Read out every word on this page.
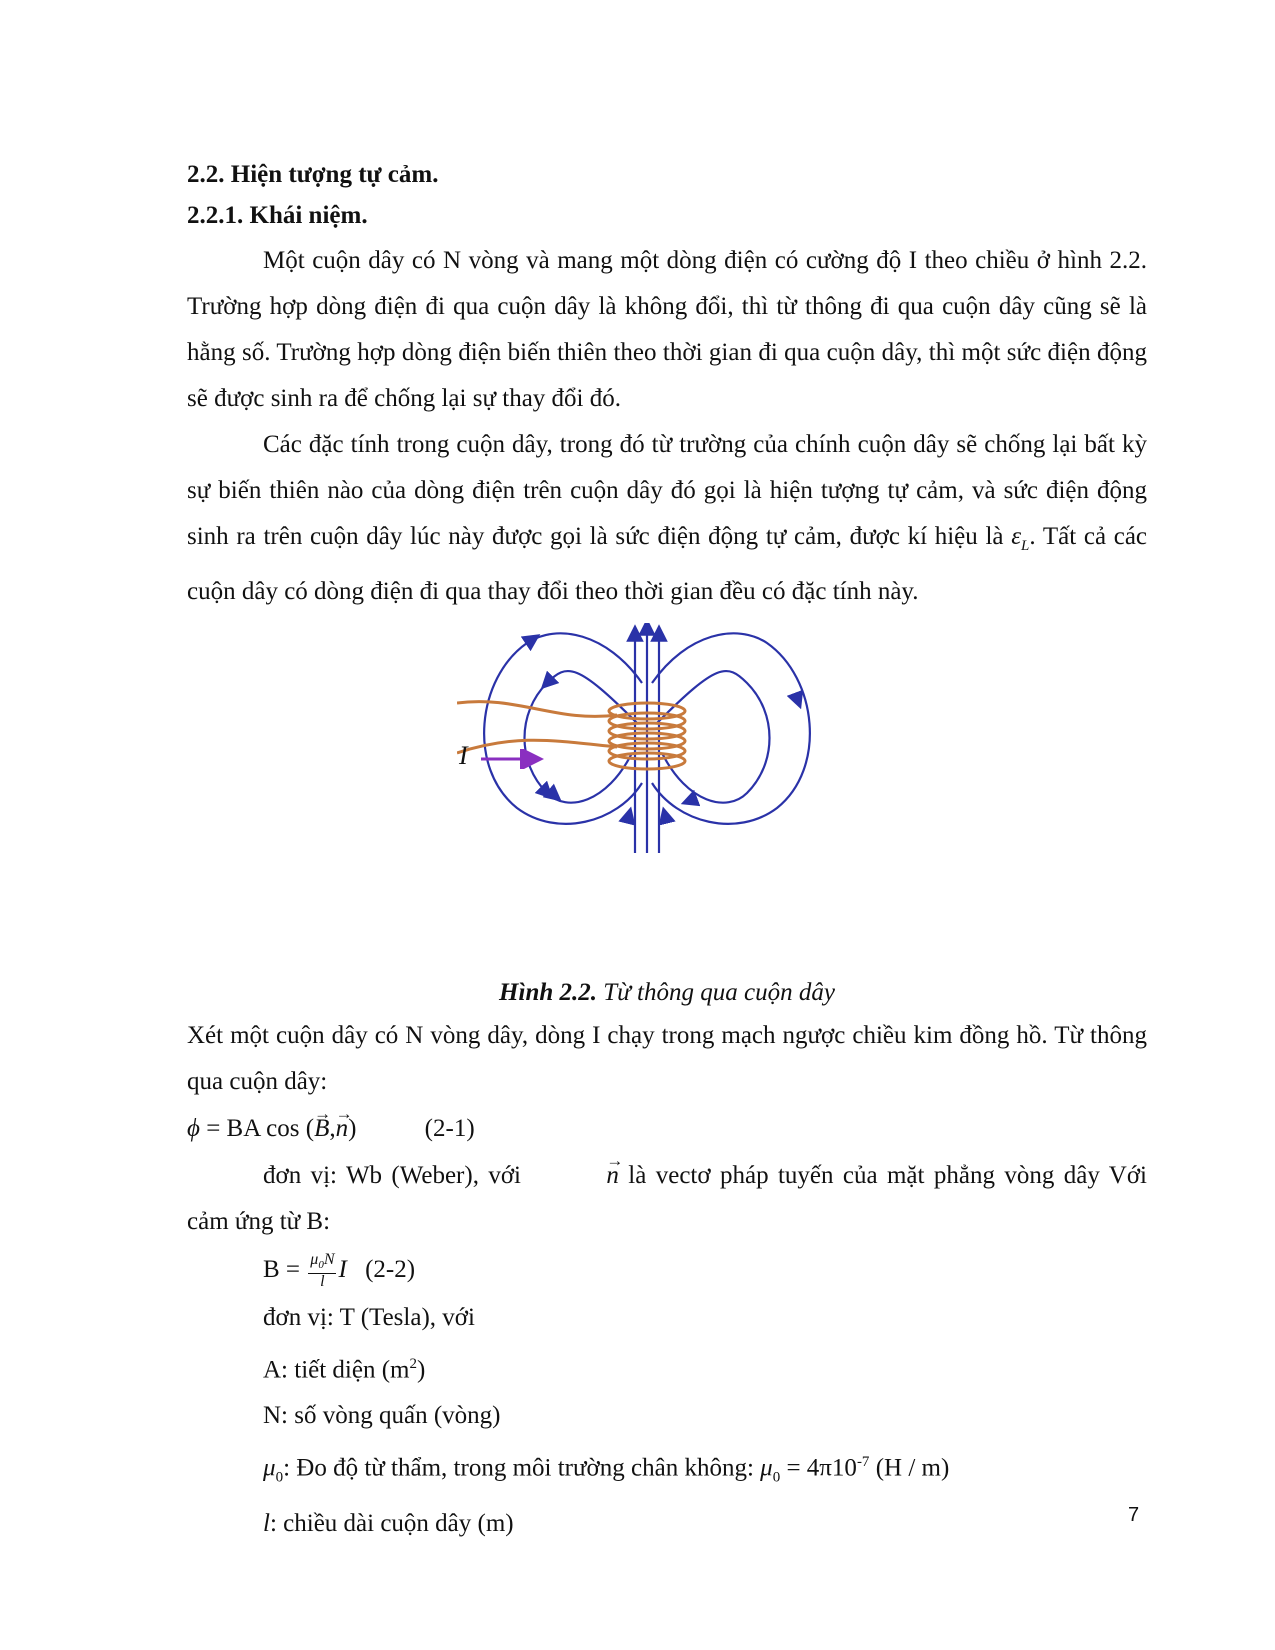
2.2. Hiện tượng tự cảm.

2.2.1. Khái niệm.

Một cuộn dây có N vòng và mang một dòng điện có cường độ I theo chiều ở hình 2.2. Trường hợp dòng điện đi qua cuộn dây là không đổi, thì từ thông đi qua cuộn dây cũng sẽ là hằng số. Trường hợp dòng điện biến thiên theo thời gian đi qua cuộn dây, thì một sức điện động sẽ được sinh ra để chống lại sự thay đổi đó.

Các đặc tính trong cuộn dây, trong đó từ trường của chính cuộn dây sẽ chống lại bất kỳ sự biến thiên nào của dòng điện trên cuộn dây đó gọi là hiện tượng tự cảm, và sức điện động sinh ra trên cuộn dây lúc này được gọi là sức điện động tự cảm, được kí hiệu là $\varepsilon_L$. Tất cả các cuộn dây có dòng điện đi qua thay đổi theo thời gian đều có đặc tính này.

I

Hình 2.2. Từ thông qua cuộn dây

Xét một cuộn dây có N vòng dây, dòng I chạy trong mạch ngược chiều kim đồng hồ. Từ thông qua cuộn dây:

ϕ = BA cos (→ B,→ n)	(2-1)

đơn vị: Wb (Weber), với →	n là vectơ pháp tuyến của mặt phẳng vòng dây Với cảm ứng từ B:

$B = \frac{\mu_0N}{l}$ I (2-2)

đơn vị: T (Tesla), với

A: tiết diện $(m^2)$

N: số vòng quấn (vòng)

$\mu_0$: Đo độ từ thẩm, trong môi trường chân không: $\mu_0 = 4\pi 10^{-7}$ (H / m)

l: chiều dài cuộn dây (m)	7
